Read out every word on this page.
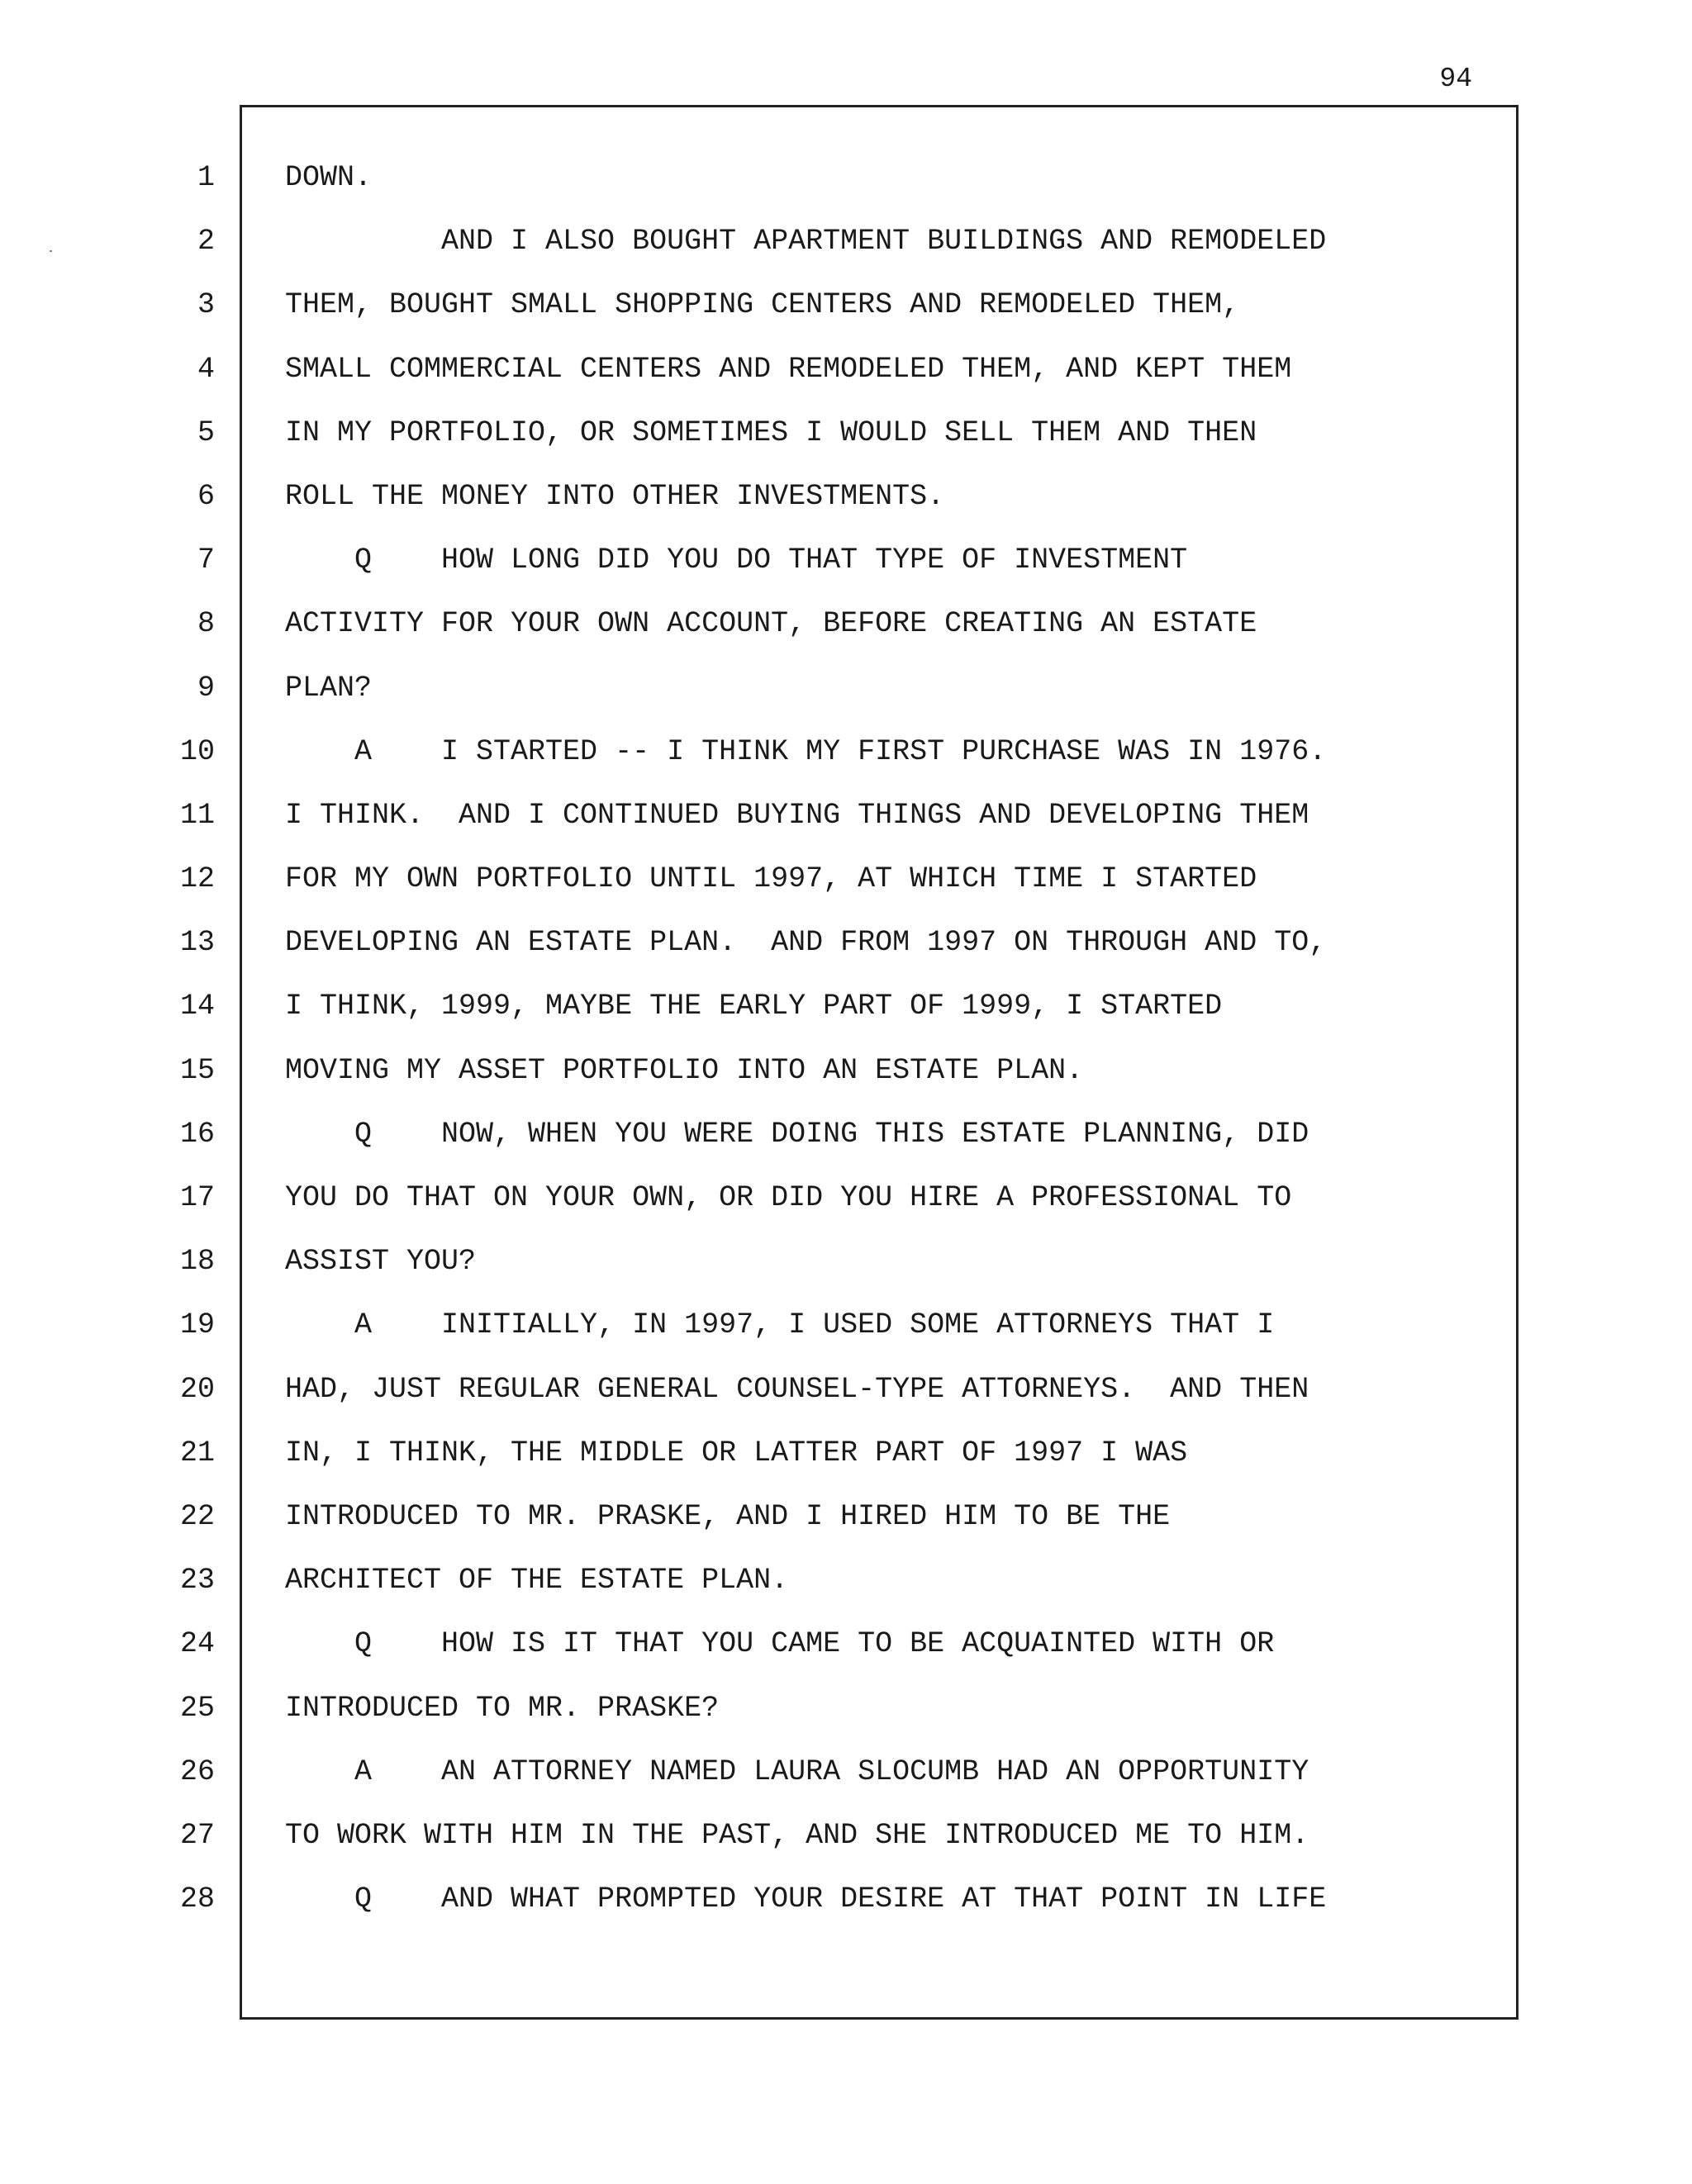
94
1
2
3
4
5
6
7
8
9
10
11
12
13
14
15
16
17
18
19
20
21
22
23
24
25
26
27
28
DOWN.
AND I ALSO BOUGHT APARTMENT BUILDINGS AND REMODELED
THEM, BOUGHT SMALL SHOPPING CENTERS AND REMODELED THEM,
SMALL COMMERCIAL CENTERS AND REMODELED THEM, AND KEPT THEM
IN MY PORTFOLIO, OR SOMETIMES I WOULD SELL THEM AND THEN
ROLL THE MONEY INTO OTHER INVESTMENTS.
Q    HOW LONG DID YOU DO THAT TYPE OF INVESTMENT
ACTIVITY FOR YOUR OWN ACCOUNT, BEFORE CREATING AN ESTATE
PLAN?
A    I STARTED -- I THINK MY FIRST PURCHASE WAS IN 1976.
I THINK.  AND I CONTINUED BUYING THINGS AND DEVELOPING THEM
FOR MY OWN PORTFOLIO UNTIL 1997, AT WHICH TIME I STARTED
DEVELOPING AN ESTATE PLAN.  AND FROM 1997 ON THROUGH AND TO,
I THINK, 1999, MAYBE THE EARLY PART OF 1999, I STARTED
MOVING MY ASSET PORTFOLIO INTO AN ESTATE PLAN.
Q    NOW, WHEN YOU WERE DOING THIS ESTATE PLANNING, DID
YOU DO THAT ON YOUR OWN, OR DID YOU HIRE A PROFESSIONAL TO
ASSIST YOU?
A    INITIALLY, IN 1997, I USED SOME ATTORNEYS THAT I
HAD, JUST REGULAR GENERAL COUNSEL-TYPE ATTORNEYS.  AND THEN
IN, I THINK, THE MIDDLE OR LATTER PART OF 1997 I WAS
INTRODUCED TO MR. PRASKE, AND I HIRED HIM TO BE THE
ARCHITECT OF THE ESTATE PLAN.
Q    HOW IS IT THAT YOU CAME TO BE ACQUAINTED WITH OR
INTRODUCED TO MR. PRASKE?
A    AN ATTORNEY NAMED LAURA SLOCUMB HAD AN OPPORTUNITY
TO WORK WITH HIM IN THE PAST, AND SHE INTRODUCED ME TO HIM.
Q    AND WHAT PROMPTED YOUR DESIRE AT THAT POINT IN LIFE
